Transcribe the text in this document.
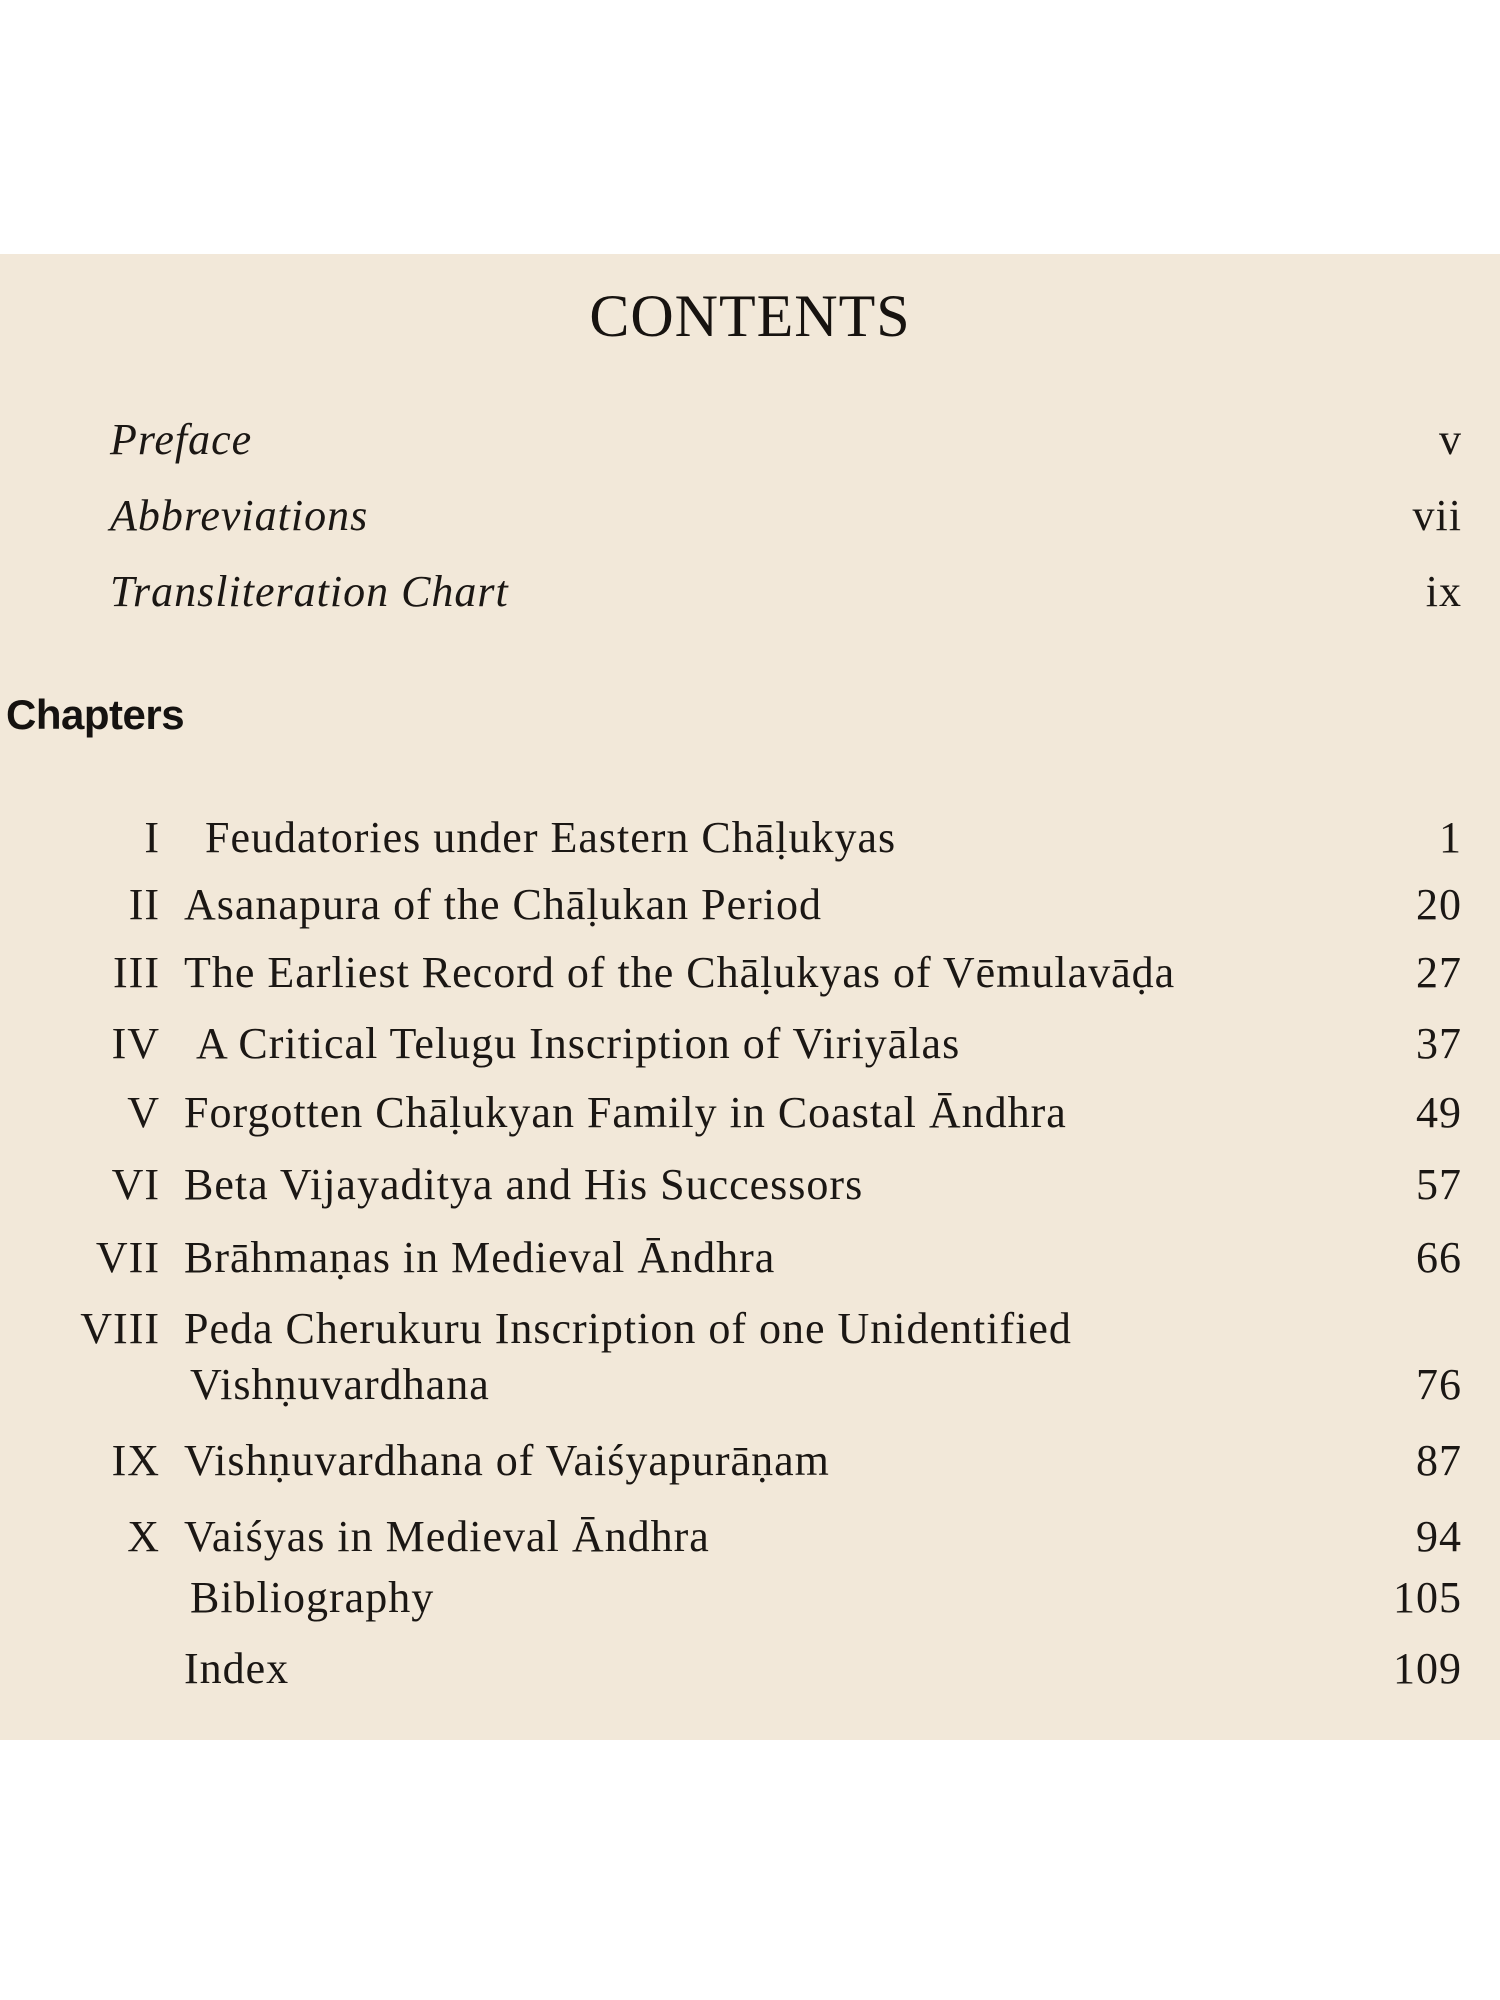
CONTENTS
Preface	v
Abbreviations	vii
Transliteration Chart	ix
Chapters
I Feudatories under Eastern Chāḷukyas	1
II Asanapura of the Chāḷukan Period	20
III The Earliest Record of the Chāḷukyas of Vēmulavāḍa	27
IV A Critical Telugu Inscription of Viriyālas	37
V Forgotten Chāḷukyan Family in Coastal Āndhra	49
VI Beta Vijayaditya and His Successors	57
VII Brāhmaṇas in Medieval Āndhra	66
VIII Peda Cherukuru Inscription of one Unidentified
Vishṇuvardhana	76
IX Vishṇuvardhana of Vaiśyapurāṇam	87
X Vaiśyas in Medieval Āndhra	94
Bibliography	105
Index	109
